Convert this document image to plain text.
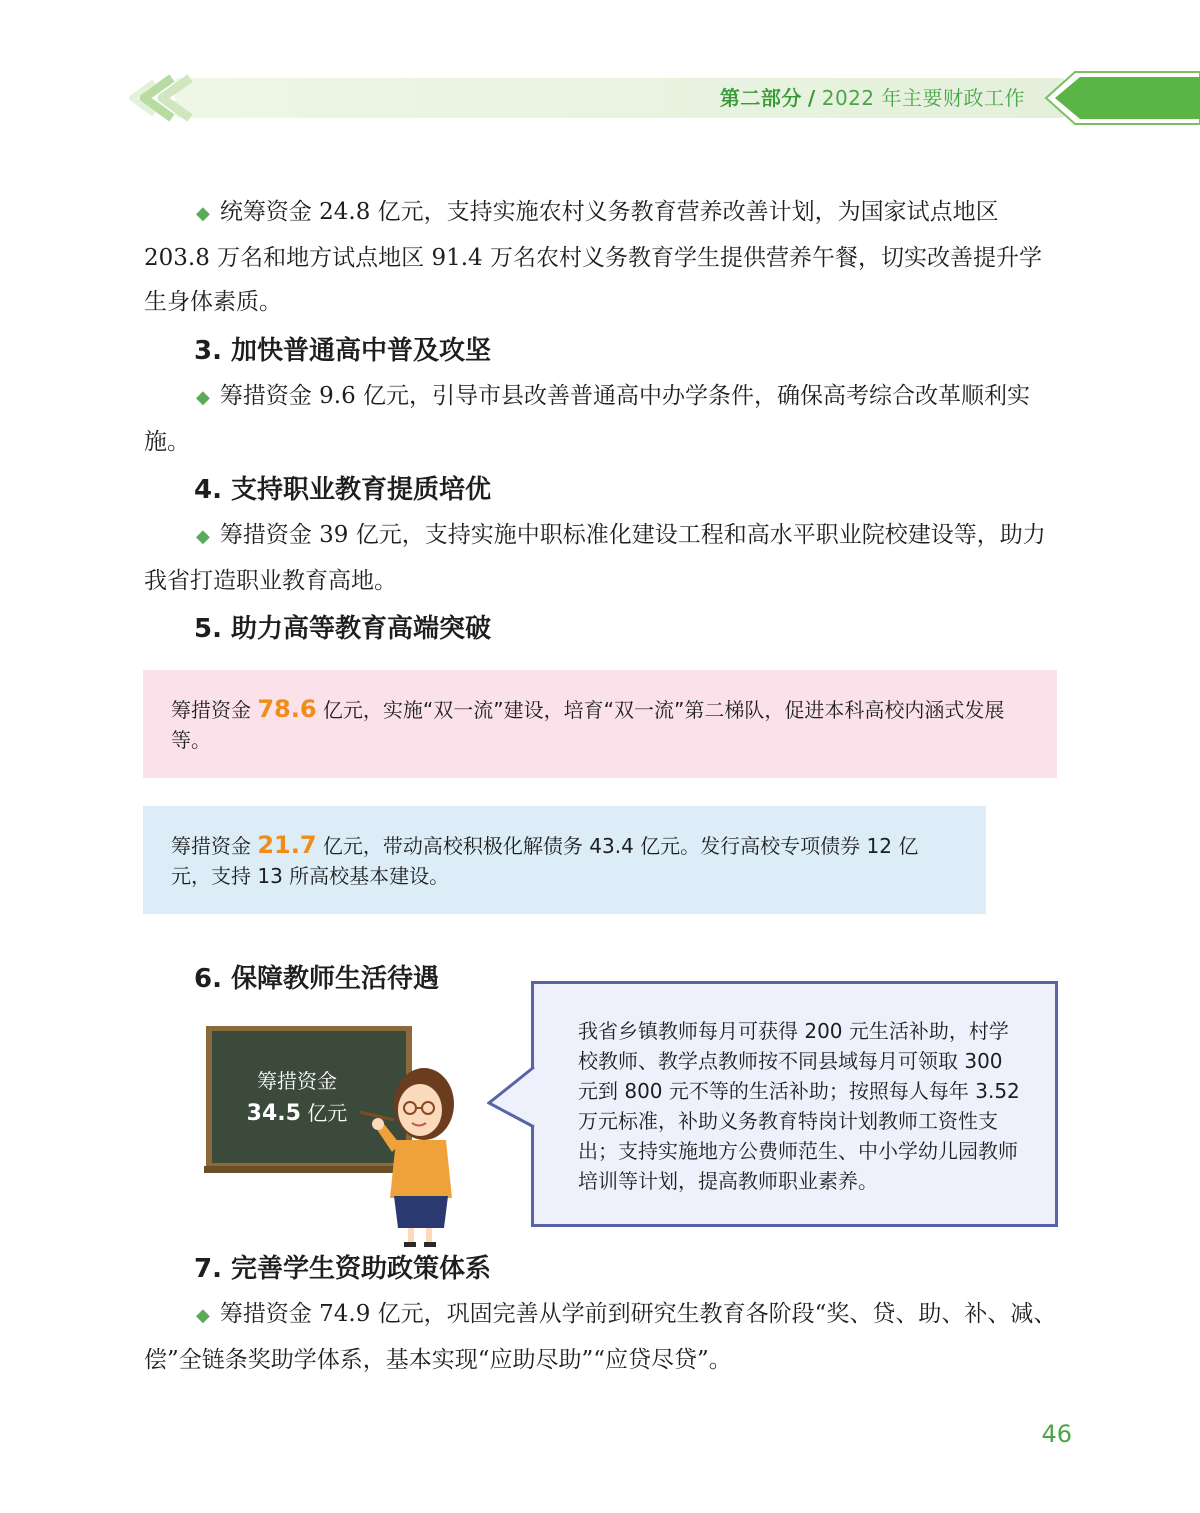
第二部分 / 2022 年主要财政工作

◆ 统筹资金 24.8 亿元，支持实施农村义务教育营养改善计划，为国家试点地区 203.8 万名和地方试点地区 91.4 万名农村义务教育学生提供营养午餐，切实改善提升学生身体素质。

3. 加快普通高中普及攻坚

◆ 筹措资金 9.6 亿元，引导市县改善普通高中办学条件，确保高考综合改革顺利实施。

4. 支持职业教育提质培优

◆ 筹措资金 39 亿元，支持实施中职标准化建设工程和高水平职业院校建设等，助力我省打造职业教育高地。

5. 助力高等教育高端突破
筹措资金 78.6 亿元，实施“双一流”建设，培育“双一流”第二梯队，促进本科高校内涵式发展等。
筹措资金 21.7 亿元，带动高校积极化解债务 43.4 亿元。发行高校专项债券 12 亿元，支持 13 所高校基本建设。
6. 保障教师生活待遇
筹措资金
34.5 亿元
我省乡镇教师每月可获得 200 元生活补助，村学校教师、教学点教师按不同县域每月可领取 300 元到 800 元不等的生活补助；按照每人每年 3.52 万元标准，补助义务教育特岗计划教师工资性支出；支持实施地方公费师范生、中小学幼儿园教师培训等计划，提高教师职业素养。
7. 完善学生资助政策体系

◆ 筹措资金 74.9 亿元，巩固完善从学前到研究生教育各阶段“奖、贷、助、补、减、偿”全链条奖助学体系，基本实现“应助尽助”“应贷尽贷”。

46
